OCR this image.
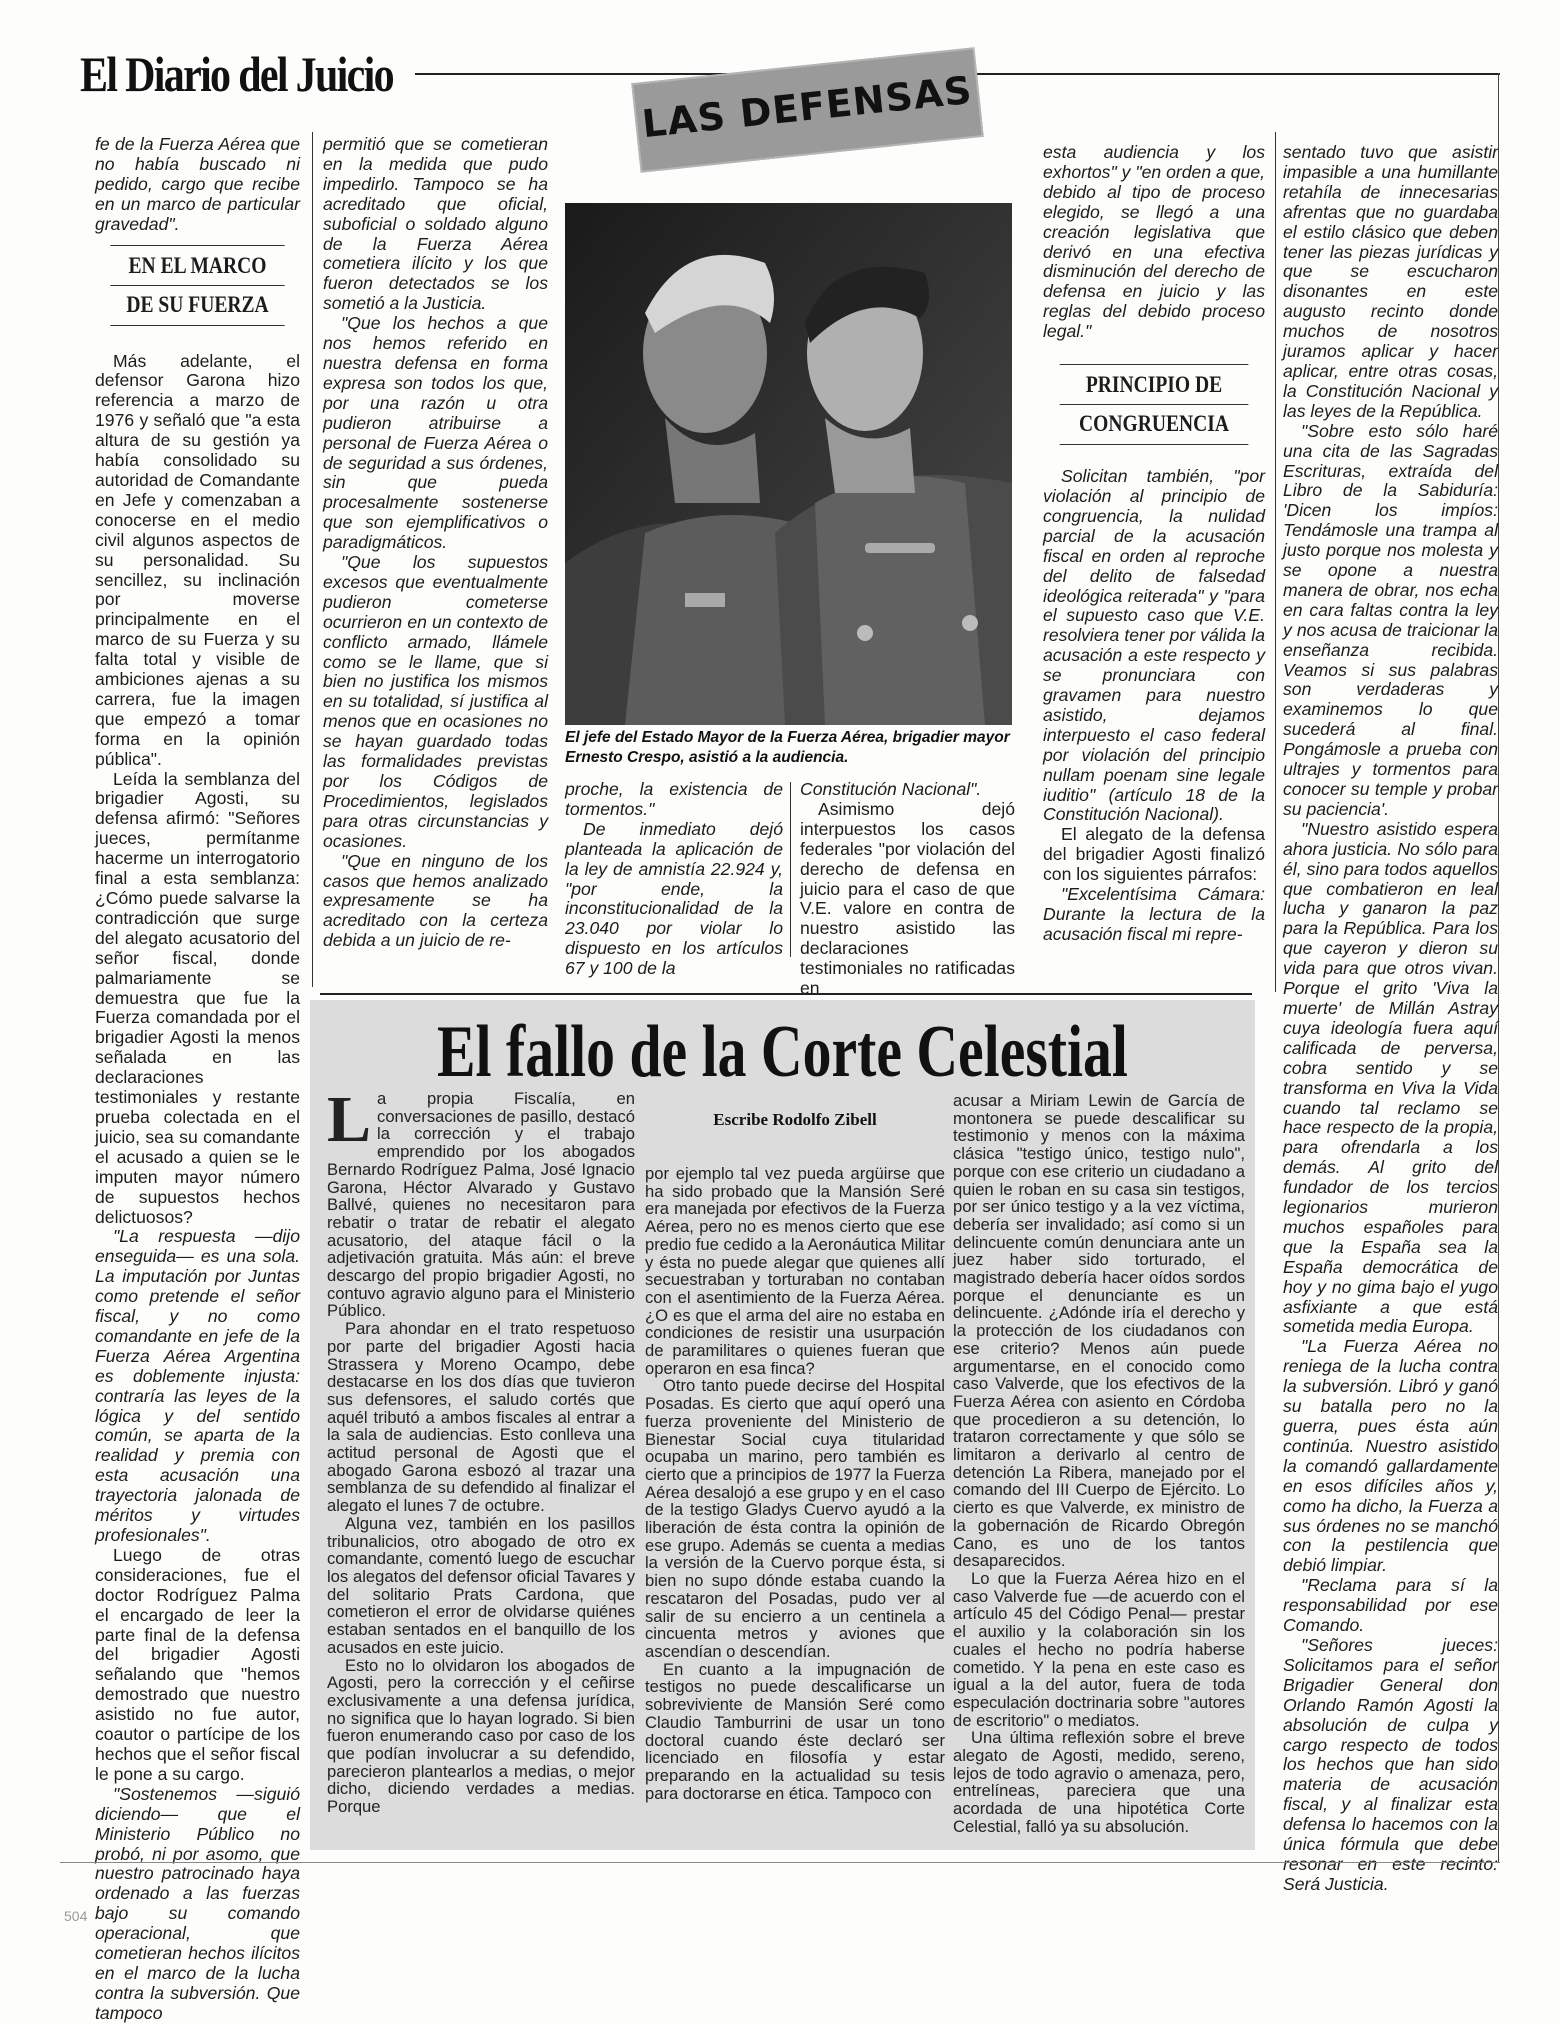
El Diario del Juicio	LAS DEFENSAS

fe de la Fuerza Aérea que no había buscado ni pedido, cargo que recibe en un marco de particular gravedad".

EN EL MARCO
DE SU FUERZA

Más adelante, el defensor Garona hizo referencia a marzo de 1976 y señaló que "a esta altura de su gestión ya había consolidado su autoridad de Comandante en Jefe y comenzaban a conocerse en el medio civil algunos aspectos de su personalidad. Su sencillez, su inclinación por moverse principalmente en el marco de su Fuerza y su falta total y visible de ambiciones ajenas a su carrera, fue la imagen que empezó a tomar forma en la opinión pública".

Leída la semblanza del brigadier Agosti, su defensa afirmó: "Señores jueces, permítanme hacerme un interrogatorio final a esta semblanza: ¿Cómo puede salvarse la contradicción que surge del alegato acusatorio del señor fiscal, donde palmariamente se demuestra que fue la Fuerza comandada por el brigadier Agosti la menos señalada en las declaraciones testimoniales y restante prueba colectada en el juicio, sea su comandante el acusado a quien se le imputen mayor número de supuestos hechos delictuosos?

"La respuesta —dijo enseguida— es una sola. La imputación por Juntas como pretende el señor fiscal, y no como comandante en jefe de la Fuerza Aérea Argentina es doblemente injusta: contraría las leyes de la lógica y del sentido común, se aparta de la realidad y premia con esta acusación una trayectoria jalonada de méritos y virtudes profesionales".

Luego de otras consideraciones, fue el doctor Rodríguez Palma el encargado de leer la parte final de la defensa del brigadier Agosti señalando que "hemos demostrado que nuestro asistido no fue autor, coautor o partícipe de los hechos que el señor fiscal le pone a su cargo.

"Sostenemos —siguió diciendo— que el Ministerio Público no probó, ni por asomo, que nuestro patrocinado haya ordenado a las fuerzas bajo su comando operacional, que cometieran hechos ilícitos en el marco de la lucha contra la subversión. Que tampoco

permitió que se cometieran en la medida que pudo impedirlo. Tampoco se ha acreditado que oficial, suboficial o soldado alguno de la Fuerza Aérea cometiera ilícito y los que fueron detectados se los sometió a la Justicia.

"Que los hechos a que nos hemos referido en nuestra defensa en forma expresa son todos los que, por una razón u otra pudieron atribuirse a personal de Fuerza Aérea o de seguridad a sus órdenes, sin que pueda procesalmente sostenerse que son ejemplificativos o paradigmáticos.

"Que los supuestos excesos que eventualmente pudieron cometerse ocurrieron en un contexto de conflicto armado, llámele como se le llame, que si bien no justifica los mismos en su totalidad, sí justifica al menos que en ocasiones no se hayan guardado todas las formalidades previstas por los Códigos de Procedimientos, legislados para otras circunstancias y ocasiones.

"Que en ninguno de los casos que hemos analizado expresamente se ha acreditado con la certeza debida a un juicio de re-

El jefe del Estado Mayor de la Fuerza Aérea, brigadier mayor Ernesto Crespo, asistió a la audiencia.

proche, la existencia de tormentos."

De inmediato dejó planteada la aplicación de la ley de amnistía 22.924 y, "por ende, la inconstitucionalidad de la 23.040 por violar lo dispuesto en los artículos 67 y 100 de la

Constitución Nacional".

Asimismo dejó interpuestos los casos federales "por violación del derecho de defensa en juicio para el caso de que V.E. valore en contra de nuestro asistido las declaraciones testimoniales no ratificadas en

esta audiencia y los exhortos" y "en orden a que, debido al tipo de proceso elegido, se llegó a una creación legislativa que derivó en una efectiva disminución del derecho de defensa en juicio y las reglas del debido proceso legal."

PRINCIPIO DE
CONGRUENCIA

Solicitan también, "por violación al principio de congruencia, la nulidad parcial de la acusación fiscal en orden al reproche del delito de falsedad ideológica reiterada" y "para el supuesto caso que V.E. resolviera tener por válida la acusación a este respecto y se pronunciara con gravamen para nuestro asistido, dejamos interpuesto el caso federal por violación del principio nullam poenam sine legale iuditio" (artículo 18 de la Constitución Nacional).

El alegato de la defensa del brigadier Agosti finalizó con los siguientes párrafos:

"Excelentísima Cámara: Durante la lectura de la acusación fiscal mi repre-

sentado tuvo que asistir impasible a una humillante retahíla de innecesarias afrentas que no guardaba el estilo clásico que deben tener las piezas jurídicas y que se escucharon disonantes en este augusto recinto donde muchos de nosotros juramos aplicar y hacer aplicar, entre otras cosas, la Constitución Nacional y las leyes de la República.

"Sobre esto sólo haré una cita de las Sagradas Escrituras, extraída del Libro de la Sabiduría: 'Dicen los impíos: Tendámosle una trampa al justo porque nos molesta y se opone a nuestra manera de obrar, nos echa en cara faltas contra la ley y nos acusa de traicionar la enseñanza recibida. Veamos si sus palabras son verdaderas y examinemos lo que sucederá al final. Pongámosle a prueba con ultrajes y tormentos para conocer su temple y probar su paciencia'.

"Nuestro asistido espera ahora justicia. No sólo para él, sino para todos aquellos que combatieron en leal lucha y ganaron la paz para la República. Para los que cayeron y dieron su vida para que otros vivan. Porque el grito 'Viva la muerte' de Millán Astray cuya ideología fuera aquí calificada de perversa, cobra sentido y se transforma en Viva la Vida cuando tal reclamo se hace respecto de la propia, para ofrendarla a los demás. Al grito del fundador de los tercios legionarios murieron muchos españoles para que la España sea la España democrática de hoy y no gima bajo el yugo asfixiante a que está sometida media Europa.

"La Fuerza Aérea no reniega de la lucha contra la subversión. Libró y ganó su batalla pero no la guerra, pues ésta aún continúa. Nuestro asistido la comandó gallardamente en esos difíciles años y, como ha dicho, la Fuerza a sus órdenes no se manchó con la pestilencia que debió limpiar.

"Reclama para sí la responsabilidad por ese Comando.

"Señores jueces: Solicitamos para el señor Brigadier General don Orlando Ramón Agosti la absolución de culpa y cargo respecto de todos los hechos que han sido materia de acusación fiscal, y al finalizar esta defensa lo hacemos con la única fórmula que debe resonar en este recinto: Será Justicia.

El fallo de la Corte Celestial
Escribe Rodolfo Zibell

La propia Fiscalía, en conversaciones de pasillo, destacó la corrección y el trabajo emprendido por los abogados Bernardo Rodríguez Palma, José Ignacio Garona, Héctor Alvarado y Gustavo Ballvé, quienes no necesitaron para rebatir o tratar de rebatir el alegato acusatorio, del ataque fácil o la adjetivación gratuita. Más aún: el breve descargo del propio brigadier Agosti, no contuvo agravio alguno para el Ministerio Público.

Para ahondar en el trato respetuoso por parte del brigadier Agosti hacia Strassera y Moreno Ocampo, debe destacarse en los dos días que tuvieron sus defensores, el saludo cortés que aquél tributó a ambos fiscales al entrar a la sala de audiencias. Esto conlleva una actitud personal de Agosti que el abogado Garona esbozó al trazar una semblanza de su defendido al finalizar el alegato el lunes 7 de octubre.

Alguna vez, también en los pasillos tribunalicios, otro abogado de otro ex comandante, comentó luego de escuchar los alegatos del defensor oficial Tavares y del solitario Prats Cardona, que cometieron el error de olvidarse quiénes estaban sentados en el banquillo de los acusados en este juicio.

Esto no lo olvidaron los abogados de Agosti, pero la corrección y el ceñirse exclusivamente a una defensa jurídica, no significa que lo hayan logrado. Si bien fueron enumerando caso por caso de los que podían involucrar a su defendido, parecieron plantearlos a medias, o mejor dicho, diciendo verdades a medias. Porque

por ejemplo tal vez pueda argüirse que ha sido probado que la Mansión Seré era manejada por efectivos de la Fuerza Aérea, pero no es menos cierto que ese predio fue cedido a la Aeronáutica Militar y ésta no puede alegar que quienes allí secuestraban y torturaban no contaban con el asentimiento de la Fuerza Aérea. ¿O es que el arma del aire no estaba en condiciones de resistir una usurpación de paramilitares o quienes fueran que operaron en esa finca?

Otro tanto puede decirse del Hospital Posadas. Es cierto que aquí operó una fuerza proveniente del Ministerio de Bienestar Social cuya titularidad ocupaba un marino, pero también es cierto que a principios de 1977 la Fuerza Aérea desalojó a ese grupo y en el caso de la testigo Gladys Cuervo ayudó a la liberación de ésta contra la opinión de ese grupo. Además se cuenta a medias la versión de la Cuervo porque ésta, si bien no supo dónde estaba cuando la rescataron del Posadas, pudo ver al salir de su encierro a un centinela a cincuenta metros y aviones que ascendían o descendían.

En cuanto a la impugnación de testigos no puede descalificarse un sobreviviente de Mansión Seré como Claudio Tamburrini de usar un tono doctoral cuando éste declaró ser licenciado en filosofía y estar preparando en la actualidad su tesis para doctorarse en ética. Tampoco con

acusar a Miriam Lewin de García de montonera se puede descalificar su testimonio y menos con la máxima clásica "testigo único, testigo nulo", porque con ese criterio un ciudadano a quien le roban en su casa sin testigos, por ser único testigo y a la vez víctima, debería ser invalidado; así como si un delincuente común denunciara ante un juez haber sido torturado, el magistrado debería hacer oídos sordos porque el denunciante es un delincuente. ¿Adónde iría el derecho y la protección de los ciudadanos con ese criterio? Menos aún puede argumentarse, en el conocido como caso Valverde, que los efectivos de la Fuerza Aérea con asiento en Córdoba que procedieron a su detención, lo trataron correctamente y que sólo se limitaron a derivarlo al centro de detención La Ribera, manejado por el comando del III Cuerpo de Ejército. Lo cierto es que Valverde, ex ministro de la gobernación de Ricardo Obregón Cano, es uno de los tantos desaparecidos.

Lo que la Fuerza Aérea hizo en el caso Valverde fue —de acuerdo con el artículo 45 del Código Penal— prestar el auxilio y la colaboración sin los cuales el hecho no podría haberse cometido. Y la pena en este caso es igual a la del autor, fuera de toda especulación doctrinaria sobre "autores de escritorio" o mediatos.

Una última reflexión sobre el breve alegato de Agosti, medido, sereno, lejos de todo agravio o amenaza, pero, entrelíneas, pareciera que una acordada de una hipotética Corte Celestial, falló ya su absolución.

504
